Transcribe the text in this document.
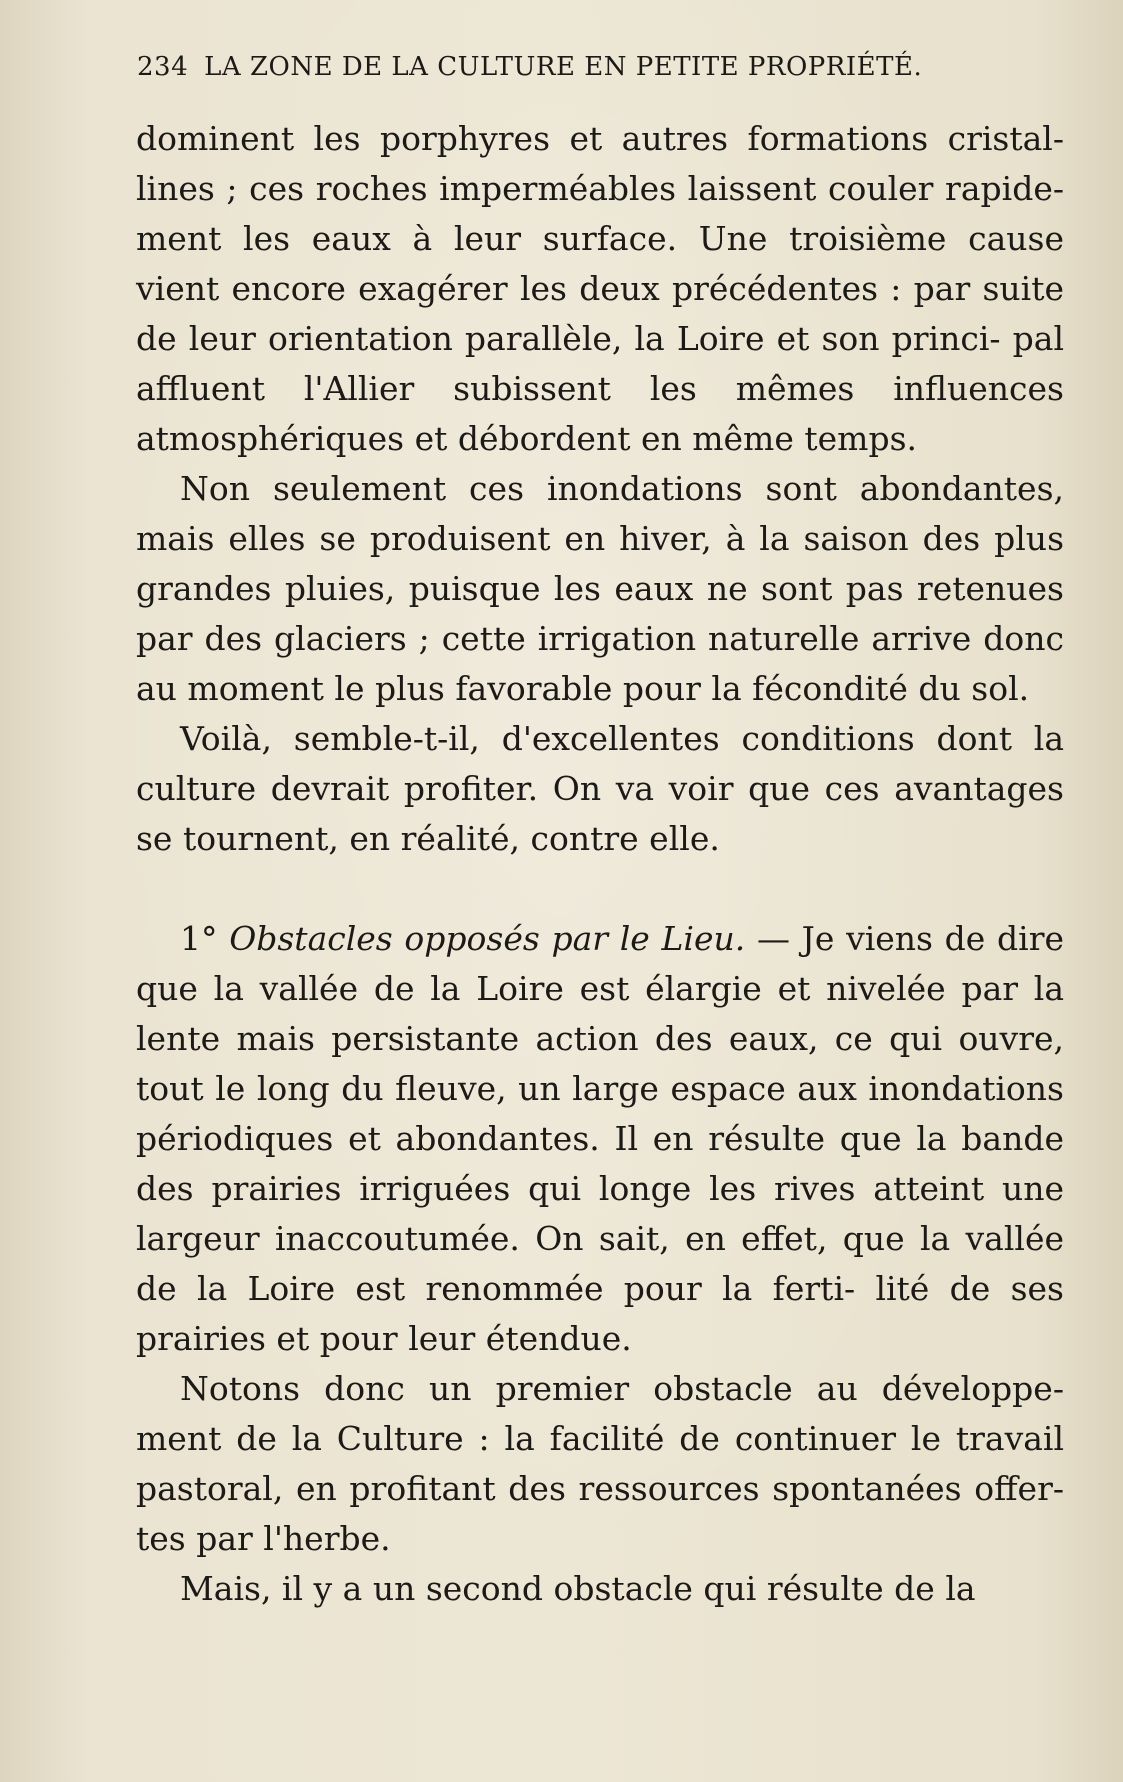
234 LA ZONE DE LA CULTURE EN PETITE PROPRIÉTÉ.

dominent les porphyres et autres formations cristal- lines ; ces roches imperméables laissent couler rapide- ment les eaux à leur surface. Une troisième cause vient encore exagérer les deux précédentes : par suite de leur orientation parallèle, la Loire et son princi- pal affluent l'Allier subissent les mêmes influences atmosphériques et débordent en même temps.

Non seulement ces inondations sont abondantes, mais elles se produisent en hiver, à la saison des plus grandes pluies, puisque les eaux ne sont pas retenues par des glaciers ; cette irrigation naturelle arrive donc au moment le plus favorable pour la fécondité du sol.

Voilà, semble-t-il, d'excellentes conditions dont la culture devrait profiter. On va voir que ces avantages se tournent, en réalité, contre elle.

1° Obstacles opposés par le Lieu. — Je viens de dire que la vallée de la Loire est élargie et nivelée par la lente mais persistante action des eaux, ce qui ouvre, tout le long du fleuve, un large espace aux inondations périodiques et abondantes. Il en résulte que la bande des prairies irriguées qui longe les rives atteint une largeur inaccoutumée. On sait, en effet, que la vallée de la Loire est renommée pour la ferti- lité de ses prairies et pour leur étendue.

Notons donc un premier obstacle au développe- ment de la Culture : la facilité de continuer le travail pastoral, en profitant des ressources spontanées offer- tes par l'herbe.

Mais, il y a un second obstacle qui résulte de la
